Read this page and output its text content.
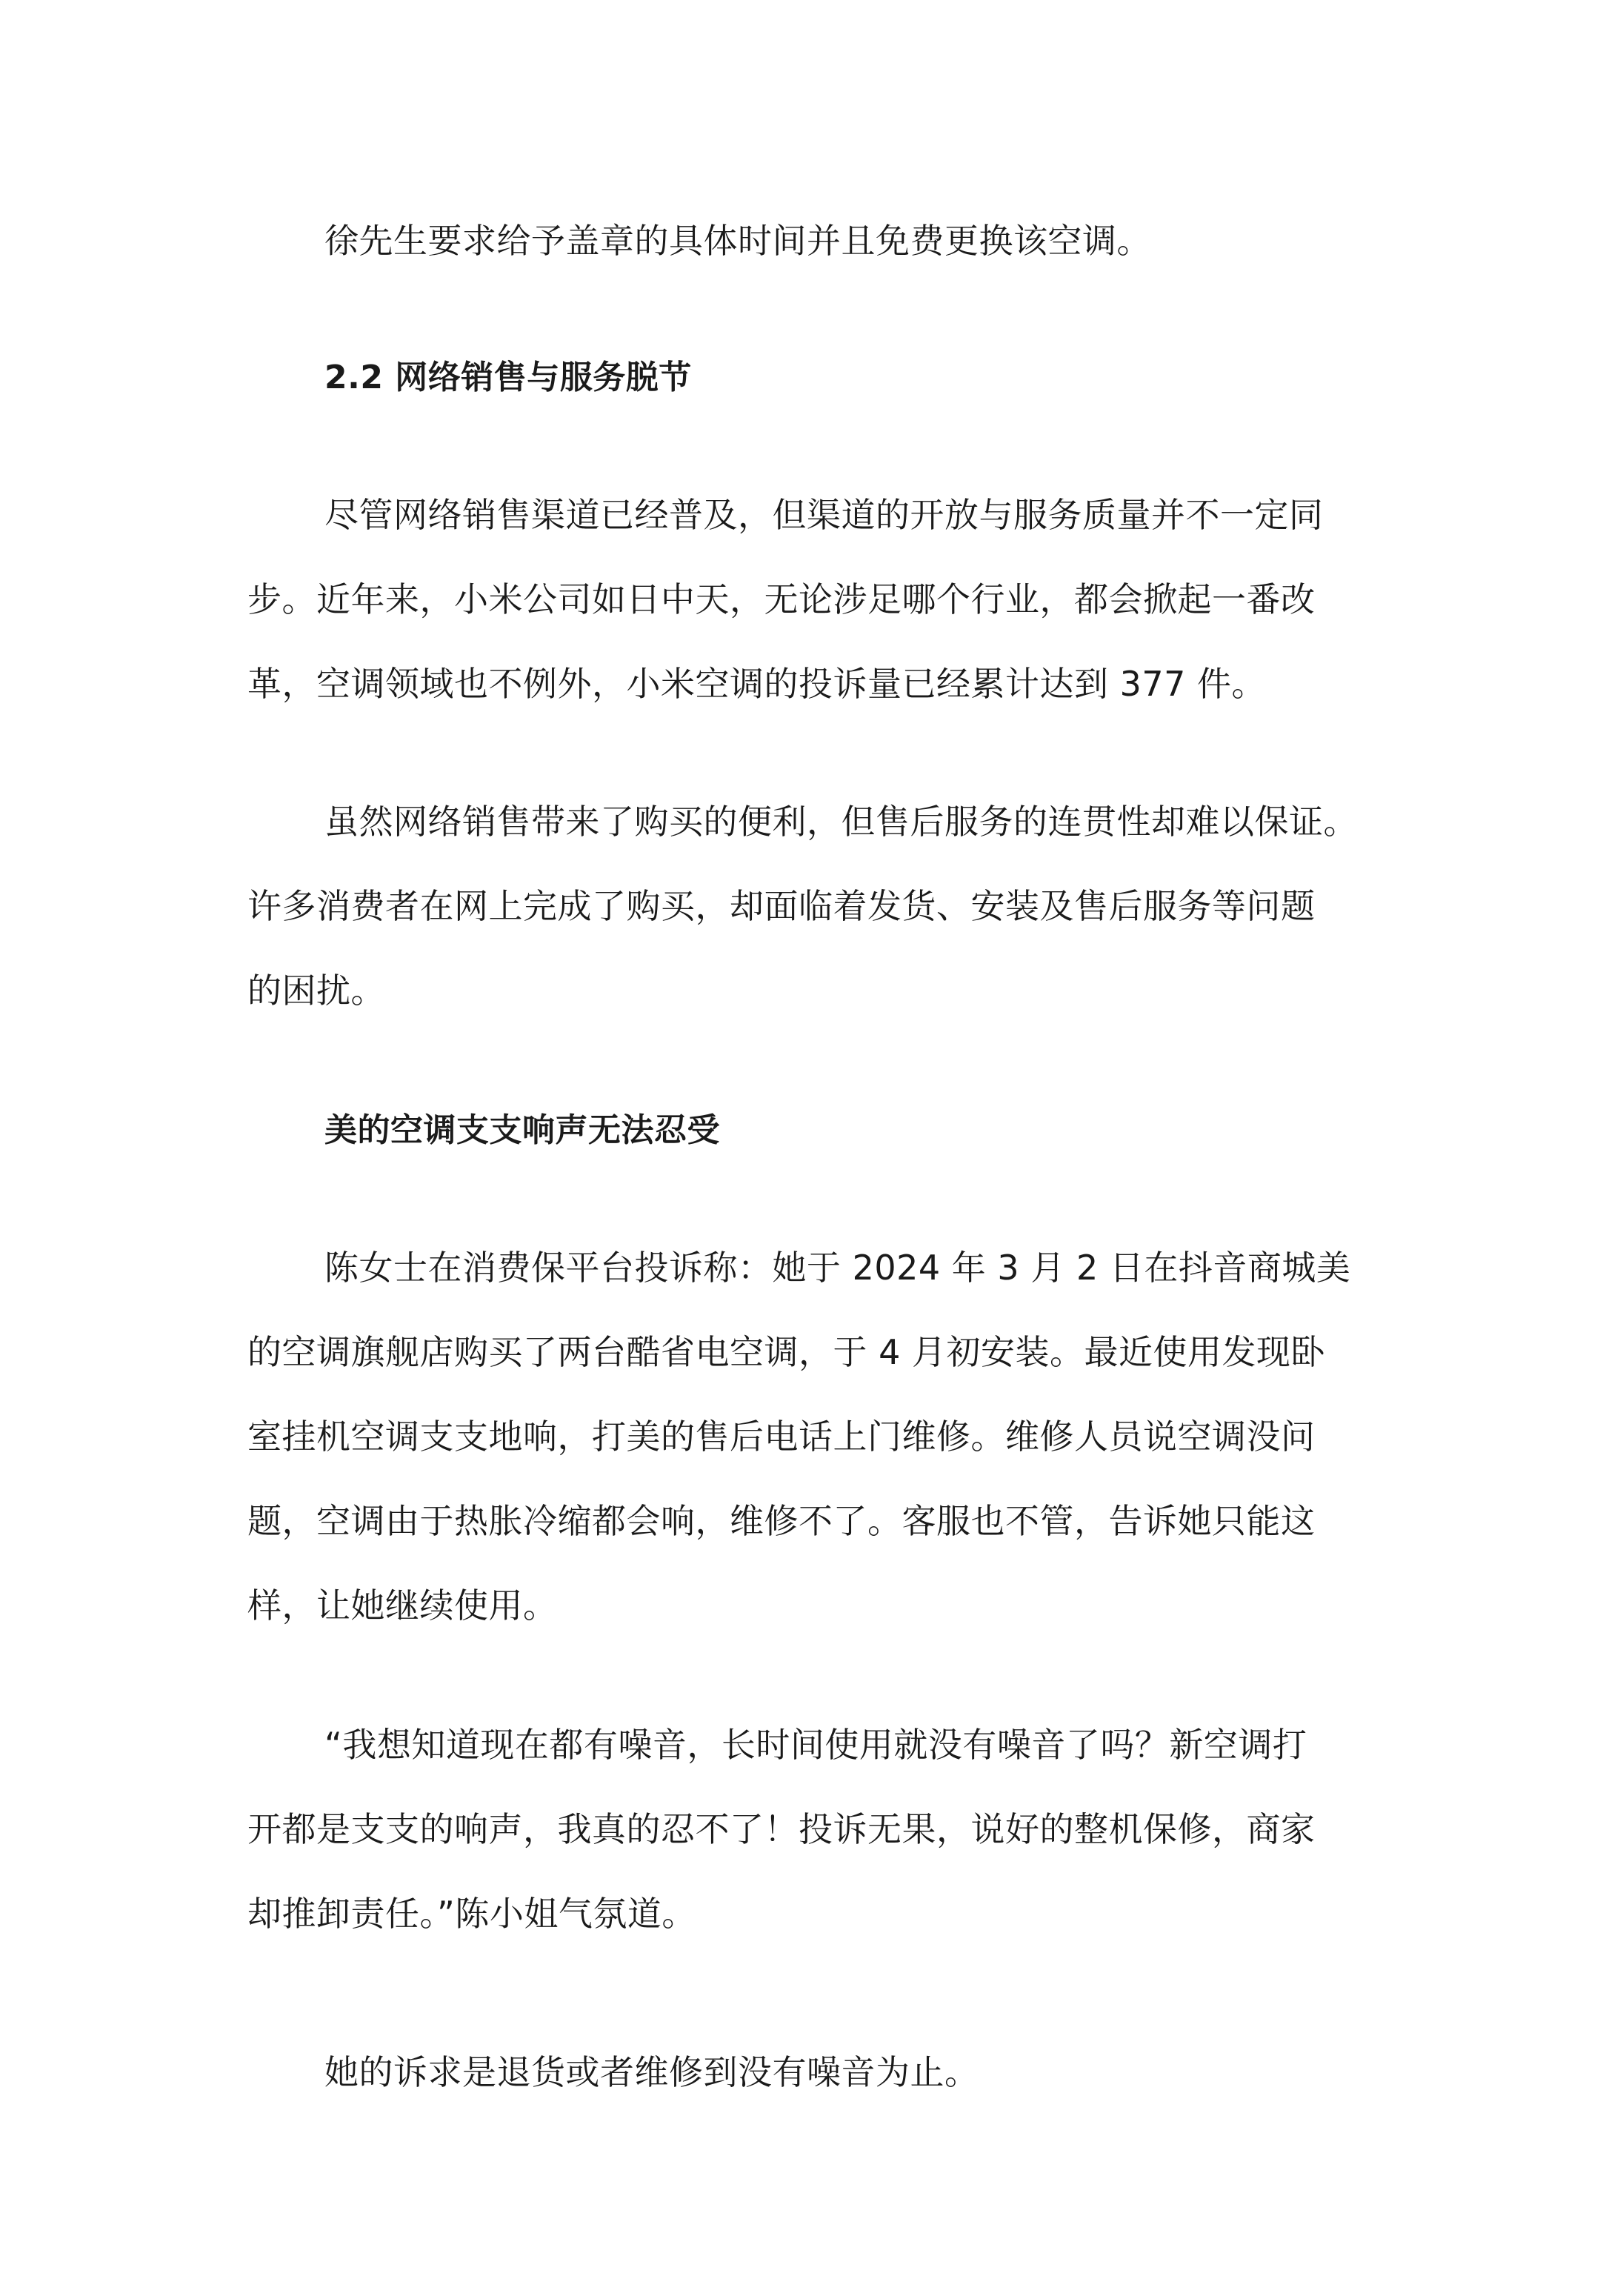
徐先生要求给予盖章的具体时间并且免费更换该空调。

2.2 网络销售与服务脱节

尽管网络销售渠道已经普及，但渠道的开放与服务质量并不一定同
步。近年来，小米公司如日中天，无论涉足哪个行业，都会掀起一番改
革，空调领域也不例外，小米空调的投诉量已经累计达到 377 件。

虽然网络销售带来了购买的便利，但售后服务的连贯性却难以保证。
许多消费者在网上完成了购买，却面临着发货、安装及售后服务等问题
的困扰。

美的空调支支响声无法忍受

陈女士在消费保平台投诉称：她于 2024 年 3 月 2 日在抖音商城美
的空调旗舰店购买了两台酷省电空调，于 4 月初安装。最近使用发现卧
室挂机空调支支地响，打美的售后电话上门维修。维修人员说空调没问
题，空调由于热胀冷缩都会响，维修不了。客服也不管，告诉她只能这
样，让她继续使用。

“我想知道现在都有噪音，长时间使用就没有噪音了吗？新空调打
开都是支支的响声，我真的忍不了！投诉无果，说好的整机保修，商家
却推卸责任。”陈小姐气氛道。

她的诉求是退货或者维修到没有噪音为止。
